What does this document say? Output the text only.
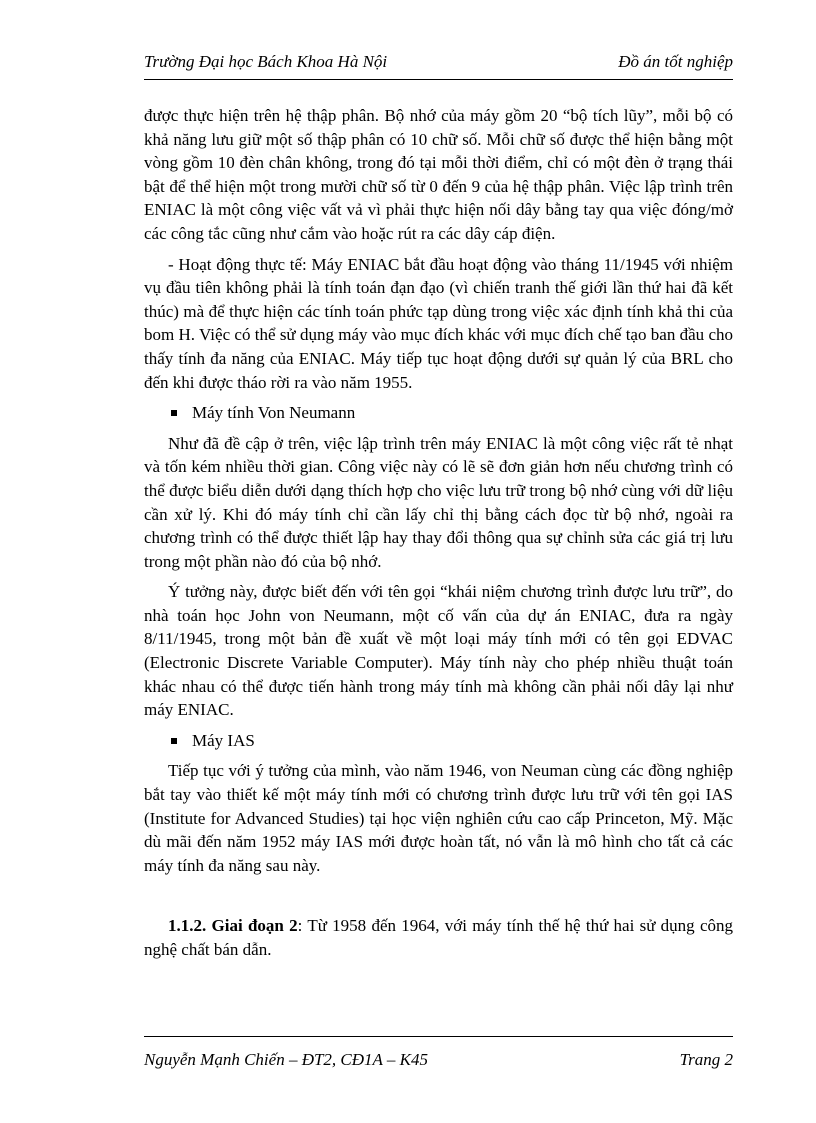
Trường Đại học Bách Khoa Hà Nội	Đồ án tốt nghiệp

được thực hiện trên hệ thập phân. Bộ nhớ của máy gồm 20 “bộ tích lũy”, mỗi bộ có khả năng lưu giữ một số thập phân có 10 chữ số. Mỗi chữ số được thể hiện bằng một vòng gồm 10 đèn chân không, trong đó tại mỗi thời điểm, chỉ có một đèn ở trạng thái bật để thể hiện một trong mười chữ số từ 0 đến 9 của hệ thập phân. Việc lập trình trên ENIAC là một công việc vất vả vì phải thực hiện nối dây bằng tay qua việc đóng/mở các công tắc cũng như cắm vào hoặc rút ra các dây cáp điện.

- Hoạt động thực tế: Máy ENIAC bắt đầu hoạt động vào tháng 11/1945 với nhiệm vụ đầu tiên không phải là tính toán đạn đạo (vì chiến tranh thế giới lần thứ hai đã kết thúc) mà để thực hiện các tính toán phức tạp dùng trong việc xác định tính khả thi của bom H. Việc có thể sử dụng máy vào mục đích khác với mục đích chế tạo ban đầu cho thấy tính đa năng của ENIAC. Máy tiếp tục hoạt động dưới sự quản lý của BRL cho đến khi được tháo rời ra vào năm 1955.

Máy tính Von Neumann

Như đã đề cập ở trên, việc lập trình trên máy ENIAC là một công việc rất tẻ nhạt và tốn kém nhiều thời gian. Công việc này có lẽ sẽ đơn giản hơn nếu chương trình có thể được biểu diễn dưới dạng thích hợp cho việc lưu trữ trong bộ nhớ cùng với dữ liệu cần xử lý. Khi đó máy tính chỉ cần lấy chỉ thị bằng cách đọc từ bộ nhớ, ngoài ra chương trình có thể được thiết lập hay thay đổi thông qua sự chỉnh sửa các giá trị lưu trong một phần nào đó của bộ nhớ.

Ý tưởng này, được biết đến với tên gọi “khái niệm chương trình được lưu trữ”, do nhà toán học John von Neumann, một cố vấn của dự án ENIAC, đưa ra ngày 8/11/1945, trong một bản đề xuất về một loại máy tính mới có tên gọi EDVAC (Electronic Discrete Variable Computer). Máy tính này cho phép nhiều thuật toán khác nhau có thể được tiến hành trong máy tính mà không cần phải nối dây lại như máy ENIAC.

Máy IAS

Tiếp tục với ý tưởng của mình, vào năm 1946, von Neuman cùng các đồng nghiệp bắt tay vào thiết kế một máy tính mới có chương trình được lưu trữ với tên gọi IAS (Institute for Advanced Studies) tại học viện nghiên cứu cao cấp Princeton, Mỹ. Mặc dù mãi đến năm 1952 máy IAS mới được hoàn tất, nó vẫn là mô hình cho tất cả các máy tính đa năng sau này.

1.1.2. Giai đoạn 2: Từ 1958 đến 1964, với máy tính thế hệ thứ hai sử dụng công nghệ chất bán dẫn.

Nguyễn Mạnh Chiến – ĐT2, CĐ1A – K45	Trang 2
